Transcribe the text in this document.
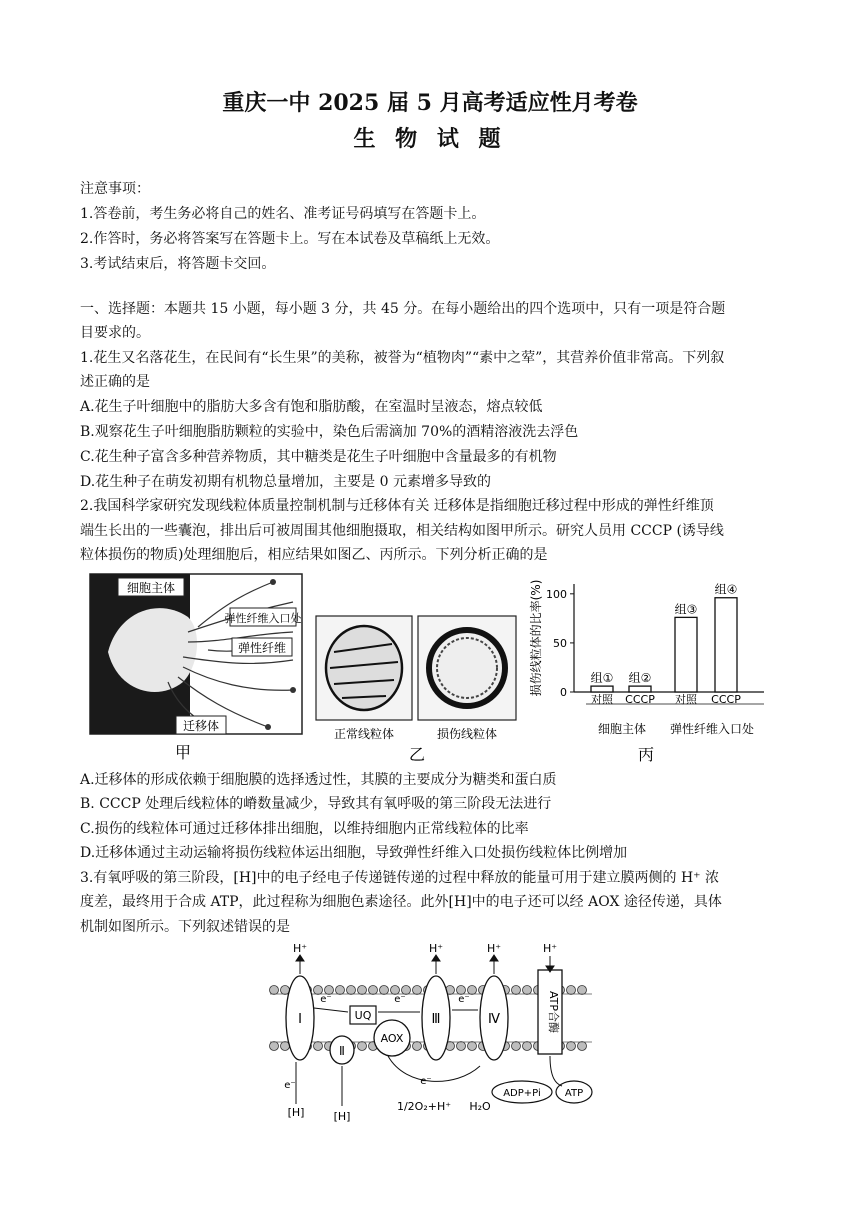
重庆一中 2025 届 5 月高考适应性月考卷
生 物 试 题
注意事项：
1.答卷前，考生务必将自己的姓名、准考证号码填写在答题卡上。
2.作答时，务必将答案写在答题卡上。写在本试卷及草稿纸上无效。
3.考试结束后，将答题卡交回。
一、选择题：本题共 15 小题，每小题 3 分，共 45 分。在每小题给出的四个选项中，只有一项是符合题
目要求的。
1.花生又名落花生，在民间有“长生果”的美称，被誉为“植物肉”“素中之荤”，其营养价值非常高。下列叙
述正确的是
A.花生子叶细胞中的脂肪大多含有饱和脂肪酸，在室温时呈液态，熔点较低
B.观察花生子叶细胞脂肪颗粒的实验中，染色后需滴加 70%的酒精溶液洗去浮色
C.花生种子富含多种营养物质，其中糖类是花生子叶细胞中含量最多的有机物
D.花生种子在萌发初期有机物总量增加，主要是 0 元素增多导致的
2.我国科学家研究发现线粒体质量控制机制与迁移体有关 迁移体是指细胞迁移过程中形成的弹性纤维顶
端生长出的一些囊泡，排出后可被周围其他细胞摄取，相关结构如图甲所示。研究人员用 CCCP (诱导线
粒体损伤的物质)处理细胞后，相应结果如图乙、丙所示。下列分析正确的是
细胞主体
弹性纤维入口处
弹性纤维
迁移体
甲
正常线粒体	损伤线粒体
乙
损伤线粒体的比率(%) 0
50
100
组①
对照
组②
CCCP
组③
对照
组④
CCCP
细胞主体 弹性纤维入口处
丙
A.迁移体的形成依赖于细胞膜的选择透过性，其膜的主要成分为糖类和蛋白质
B. CCCP 处理后线粒体的嵴数量减少，导致其有氧呼吸的第三阶段无法进行
C.损伤的线粒体可通过迁移体排出细胞，以维持细胞内正常线粒体的比率
D.迁移体通过主动运输将损伤线粒体运出细胞，导致弹性纤维入口处损伤线粒体比例增加
3.有氧呼吸的第三阶段，[H]中的电子经电子传递链传递的过程中释放的能量可用于建立膜两侧的 H⁺ 浓
度差，最终用于合成 ATP，此过程称为细胞色素途径。此外[H]中的电子还可以经 AOX 途径传递，具体
机制如图所示。下列叙述错误的是
Ⅰ
Ⅱ
UQ
AOX
Ⅲ	Ⅳ	ATP合酶
H⁺	H⁺	H⁺	H⁺
e⁻	e⁻	e⁻
e⁻	e⁻
[H]	[H]
1/2O₂+H⁺ H₂O
ADP+Pi ATP
